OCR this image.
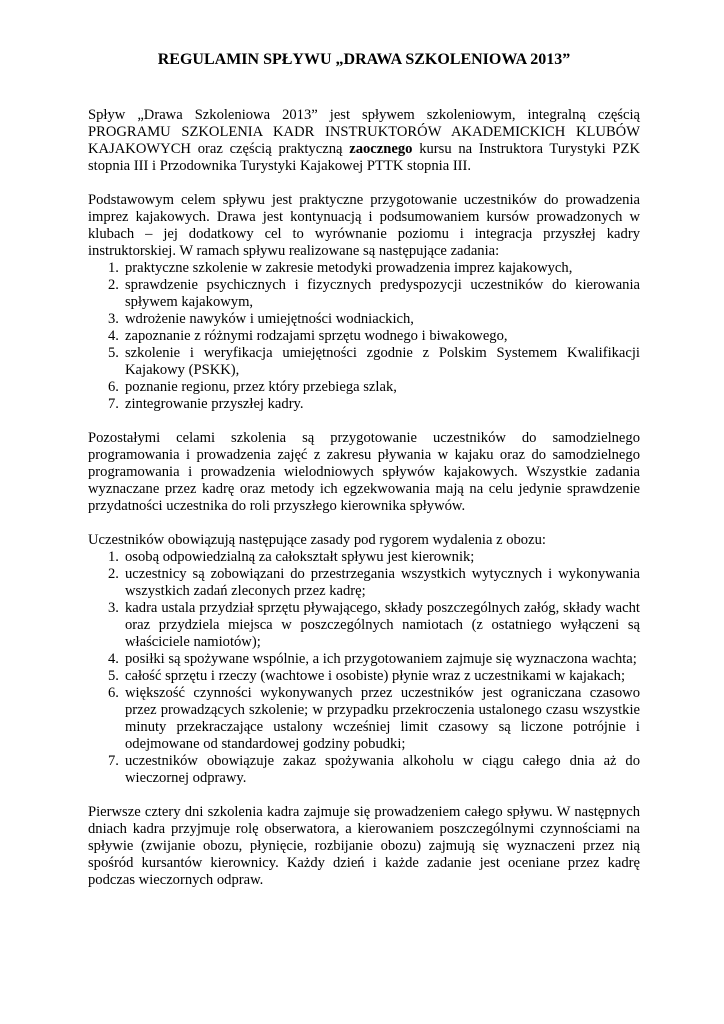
REGULAMIN SPŁYWU „DRAWA SZKOLENIOWA 2013”

Spływ „Drawa Szkoleniowa 2013” jest spływem szkoleniowym, integralną częścią PROGRAMU SZKOLENIA KADR INSTRUKTORÓW AKADEMICKICH KLUBÓW KAJAKOWYCH oraz częścią praktyczną zaocznego kursu na Instruktora Turystyki PZK stopnia III i Przodownika Turystyki Kajakowej PTTK stopnia III.

Podstawowym celem spływu jest praktyczne przygotowanie uczestników do prowadzenia imprez kajakowych. Drawa jest kontynuacją i podsumowaniem kursów prowadzonych w klubach – jej dodatkowy cel to wyrównanie poziomu i integracja przyszłej kadry instruktorskiej. W ramach spływu realizowane są następujące zadania:

1. praktyczne szkolenie w zakresie metodyki prowadzenia imprez kajakowych,
2. sprawdzenie psychicznych i fizycznych predyspozycji uczestników do kierowania spływem kajakowym,
3. wdrożenie nawyków i umiejętności wodniackich,
4. zapoznanie z różnymi rodzajami sprzętu wodnego i biwakowego,
5. szkolenie i weryfikacja umiejętności zgodnie z Polskim Systemem Kwalifikacji Kajakowy (PSKK),
6. poznanie regionu, przez który przebiega szlak,
7. zintegrowanie przyszłej kadry.

Pozostałymi celami szkolenia są przygotowanie uczestników do samodzielnego programowania i prowadzenia zajęć z zakresu pływania w kajaku oraz do samodzielnego programowania i prowadzenia wielodniowych spływów kajakowych. Wszystkie zadania wyznaczane przez kadrę oraz metody ich egzekwowania mają na celu jedynie sprawdzenie przydatności uczestnika do roli przyszłego kierownika spływów.

Uczestników obowiązują następujące zasady pod rygorem wydalenia z obozu:

1. osobą odpowiedzialną za całokształt spływu jest kierownik;
2. uczestnicy są zobowiązani do przestrzegania wszystkich wytycznych i wykonywania wszystkich zadań zleconych przez kadrę;
3. kadra ustala przydział sprzętu pływającego, składy poszczególnych załóg, składy wacht oraz przydziela miejsca w poszczególnych namiotach (z ostatniego wyłączeni są właściciele namiotów);
4. posiłki są spożywane wspólnie, a ich przygotowaniem zajmuje się wyznaczona wachta;
5. całość sprzętu i rzeczy (wachtowe i osobiste) płynie wraz z uczestnikami w kajakach;
6. większość czynności wykonywanych przez uczestników jest ograniczana czasowo przez prowadzących szkolenie; w przypadku przekroczenia ustalonego czasu wszystkie minuty przekraczające ustalony wcześniej limit czasowy są liczone potrójnie i odejmowane od standardowej godziny pobudki;
7. uczestników obowiązuje zakaz spożywania alkoholu w ciągu całego dnia aż do wieczornej odprawy.

Pierwsze cztery dni szkolenia kadra zajmuje się prowadzeniem całego spływu. W następnych dniach kadra przyjmuje rolę obserwatora, a kierowaniem poszczególnymi czynnościami na spływie (zwijanie obozu, płynięcie, rozbijanie obozu) zajmują się wyznaczeni przez nią spośród kursantów kierownicy. Każdy dzień i każde zadanie jest oceniane przez kadrę podczas wieczornych odpraw.
